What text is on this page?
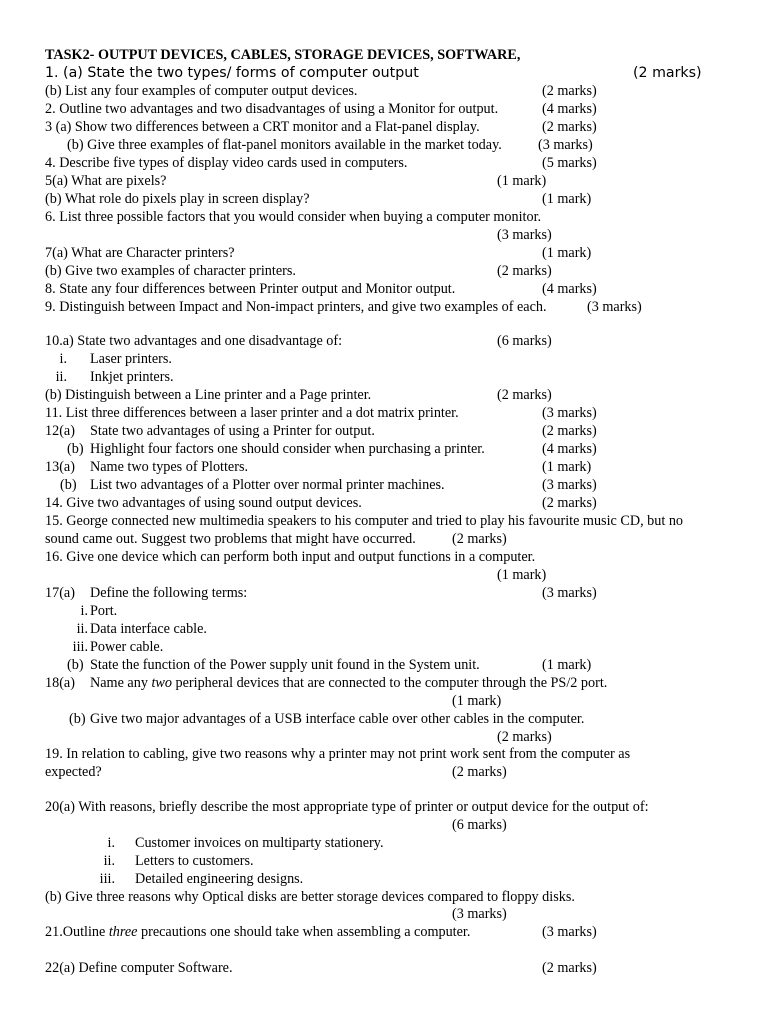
TASK2- OUTPUT DEVICES, CABLES, STORAGE DEVICES, SOFTWARE,
1. (a) State the two types/ forms of computer output	(2 marks)
(b) List any four examples of computer output devices.	(2 marks)
2. Outline two advantages and two disadvantages of using a Monitor for output.	(4 marks)
3 (a) Show two differences between a CRT monitor and a Flat-panel display.	(2 marks)
(b) Give three examples of flat-panel monitors available in the market today.	(3 marks)
4. Describe five types of display video cards used in computers.	(5 marks)
5(a) What are pixels?	(1 mark)
(b) What role do pixels play in screen display?	(1 mark)
6. List three possible factors that you would consider when buying a computer monitor.
(3 marks)
7(a) What are Character printers?	(1 mark)
(b) Give two examples of character printers.	(2 marks)
8. State any four differences between Printer output and Monitor output.	(4 marks)
9. Distinguish between Impact and Non-impact printers, and give two examples of each.	(3 marks)
10.a) State two advantages and one disadvantage of:	(6 marks)
i. Laser printers.
ii. Inkjet printers.
(b) Distinguish between a Line printer and a Page printer.	(2 marks)
11. List three differences between a laser printer and a dot matrix printer.	(3 marks)
12(a) State two advantages of using a Printer for output.	(2 marks)
(b) Highlight four factors one should consider when purchasing a printer.	(4 marks)
13(a) Name two types of Plotters.	(1 mark)
(b) List two advantages of a Plotter over normal printer machines.	(3 marks)
14. Give two advantages of using sound output devices.	(2 marks)
15. George connected new multimedia speakers to his computer and tried to play his favourite music CD, but no
sound came out. Suggest two problems that might have occurred.	(2 marks)
16. Give one device which can perform both input and output functions in a computer.
(1 mark)
17(a) Define the following terms:	(3 marks)
i. Port.
ii. Data interface cable.
iii. Power cable.
(b) State the function of the Power supply unit found in the System unit.	(1 mark)
18(a) Name any two peripheral devices that are connected to the computer through the PS/2 port.
(1 mark)
(b) Give two major advantages of a USB interface cable over other cables in the computer.
(2 marks)
19. In relation to cabling, give two reasons why a printer may not print work sent from the computer as
expected?	(2 marks)
20(a) With reasons, briefly describe the most appropriate type of printer or output device for the output of:
(6 marks)
i. Customer invoices on multiparty stationery.
ii. Letters to customers.
iii. Detailed engineering designs.
(b) Give three reasons why Optical disks are better storage devices compared to floppy disks.
(3 marks)
21.Outline three precautions one should take when assembling a computer.	(3 marks)
22(a) Define computer Software.	(2 marks)
